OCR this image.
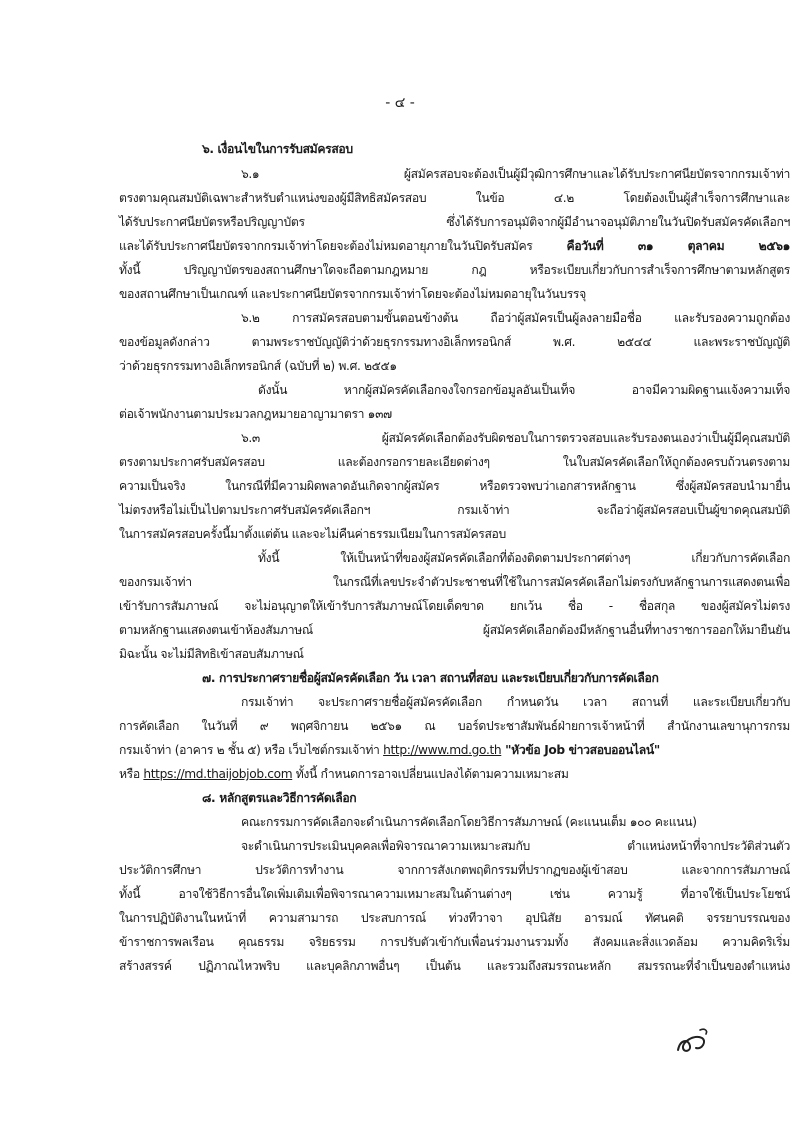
- ๔ -
๖. เงื่อนไขในการรับสมัครสอบ
๖.๑ ผู้สมัครสอบจะต้องเป็นผู้มีวุฒิการศึกษาและได้รับประกาศนียบัตรจากกรมเจ้าท่า
ตรงตามคุณสมบัติเฉพาะสำหรับตำแหน่งของผู้มีสิทธิสมัครสอบ ในข้อ ๔.๒ โดยต้องเป็นผู้สำเร็จการศึกษาและ
ได้รับประกาศนียบัตรหรือปริญญาบัตร ซึ่งได้รับการอนุมัติจากผู้มีอำนาจอนุมัติภายในวันปิดรับสมัครคัดเลือกฯ
และได้รับประกาศนียบัตรจากกรมเจ้าท่าโดยจะต้องไม่หมดอายุภายในวันปิดรับสมัคร คือวันที่ ๓๑ ตุลาคม ๒๕๖๑
ทั้งนี้ ปริญญาบัตรของสถานศึกษาใดจะถือตามกฎหมาย กฎ หรือระเบียบเกี่ยวกับการสำเร็จการศึกษาตามหลักสูตร
ของสถานศึกษาเป็นเกณฑ์ และประกาศนียบัตรจากกรมเจ้าท่าโดยจะต้องไม่หมดอายุในวันบรรจุ
๖.๒ การสมัครสอบตามขั้นตอนข้างต้น ถือว่าผู้สมัครเป็นผู้ลงลายมือชื่อ และรับรองความถูกต้อง
ของข้อมูลดังกล่าว ตามพระราชบัญญัติว่าด้วยธุรกรรมทางอิเล็กทรอนิกส์ พ.ศ. ๒๕๔๔ และพระราชบัญญัติ
ว่าด้วยธุรกรรมทางอิเล็กทรอนิกส์ (ฉบับที่ ๒) พ.ศ. ๒๕๕๑
ดังนั้น หากผู้สมัครคัดเลือกจงใจกรอกข้อมูลอันเป็นเท็จ อาจมีความผิดฐานแจ้งความเท็จ
ต่อเจ้าพนักงานตามประมวลกฎหมายอาญามาตรา ๑๓๗
๖.๓ ผู้สมัครคัดเลือกต้องรับผิดชอบในการตรวจสอบและรับรองตนเองว่าเป็นผู้มีคุณสมบัติ
ตรงตามประกาศรับสมัครสอบ และต้องกรอกรายละเอียดต่างๆ ในใบสมัครคัดเลือกให้ถูกต้องครบถ้วนตรงตาม
ความเป็นจริง ในกรณีที่มีความผิดพลาดอันเกิดจากผู้สมัคร หรือตรวจพบว่าเอกสารหลักฐาน ซึ่งผู้สมัครสอบนำมายื่น
ไม่ตรงหรือไม่เป็นไปตามประกาศรับสมัครคัดเลือกฯ กรมเจ้าท่า จะถือว่าผู้สมัครสอบเป็นผู้ขาดคุณสมบัติ
ในการสมัครสอบครั้งนี้มาตั้งแต่ต้น และจะไม่คืนค่าธรรมเนียมในการสมัครสอบ
ทั้งนี้ ให้เป็นหน้าที่ของผู้สมัครคัดเลือกที่ต้องติดตามประกาศต่างๆ เกี่ยวกับการคัดเลือก
ของกรมเจ้าท่า ในกรณีที่เลขประจำตัวประชาชนที่ใช้ในการสมัครคัดเลือกไม่ตรงกับหลักฐานการแสดงตนเพื่อ
เข้ารับการสัมภาษณ์ จะไม่อนุญาตให้เข้ารับการสัมภาษณ์โดยเด็ดขาด ยกเว้น ชื่อ - ชื่อสกุล ของผู้สมัครไม่ตรง
ตามหลักฐานแสดงตนเข้าห้องสัมภาษณ์ ผู้สมัครคัดเลือกต้องมีหลักฐานอื่นที่ทางราชการออกให้มายืนยัน
มิฉะนั้น จะไม่มีสิทธิเข้าสอบสัมภาษณ์
๗. การประกาศรายชื่อผู้สมัครคัดเลือก วัน เวลา สถานที่สอบ และระเบียบเกี่ยวกับการคัดเลือก
กรมเจ้าท่า จะประกาศรายชื่อผู้สมัครคัดเลือก กำหนดวัน เวลา สถานที่ และระเบียบเกี่ยวกับ
การคัดเลือก ในวันที่ ๙ พฤศจิกายน ๒๕๖๑ ณ บอร์ดประชาสัมพันธ์ฝ่ายการเจ้าหน้าที่ สำนักงานเลขานุการกรม
กรมเจ้าท่า (อาคาร ๒ ชั้น ๕) หรือ เว็บไซต์กรมเจ้าท่า http://www.md.go.th "หัวข้อ Job ข่าวสอบออนไลน์"
หรือ https://md.thaijobjob.com ทั้งนี้ กำหนดการอาจเปลี่ยนแปลงได้ตามความเหมาะสม
๘. หลักสูตรและวิธีการคัดเลือก
คณะกรรมการคัดเลือกจะดำเนินการคัดเลือกโดยวิธีการสัมภาษณ์ (คะแนนเต็ม ๑๐๐ คะแนน)
จะดำเนินการประเมินบุคคลเพื่อพิจารณาความเหมาะสมกับ ตำแหน่งหน้าที่จากประวัติส่วนตัว
ประวัติการศึกษา ประวัติการทำงาน จากการสังเกตพฤติกรรมที่ปรากฏของผู้เข้าสอบ และจากการสัมภาษณ์
ทั้งนี้ อาจใช้วิธีการอื่นใดเพิ่มเติมเพื่อพิจารณาความเหมาะสมในด้านต่างๆ เช่น ความรู้ ที่อาจใช้เป็นประโยชน์
ในการปฏิบัติงานในหน้าที่ ความสามารถ ประสบการณ์ ท่วงทีวาจา อุปนิสัย อารมณ์ ทัศนคติ จรรยาบรรณของ
ข้าราชการพลเรือน คุณธรรม จริยธรรม การปรับตัวเข้ากับเพื่อนร่วมงานรวมทั้ง สังคมและสิ่งแวดล้อม ความคิดริเริ่ม
สร้างสรรค์ ปฏิภาณไหวพริบ และบุคลิกภาพอื่นๆ เป็นต้น และรวมถึงสมรรถนะหลัก สมรรถนะที่จำเป็นของตำแหน่ง
